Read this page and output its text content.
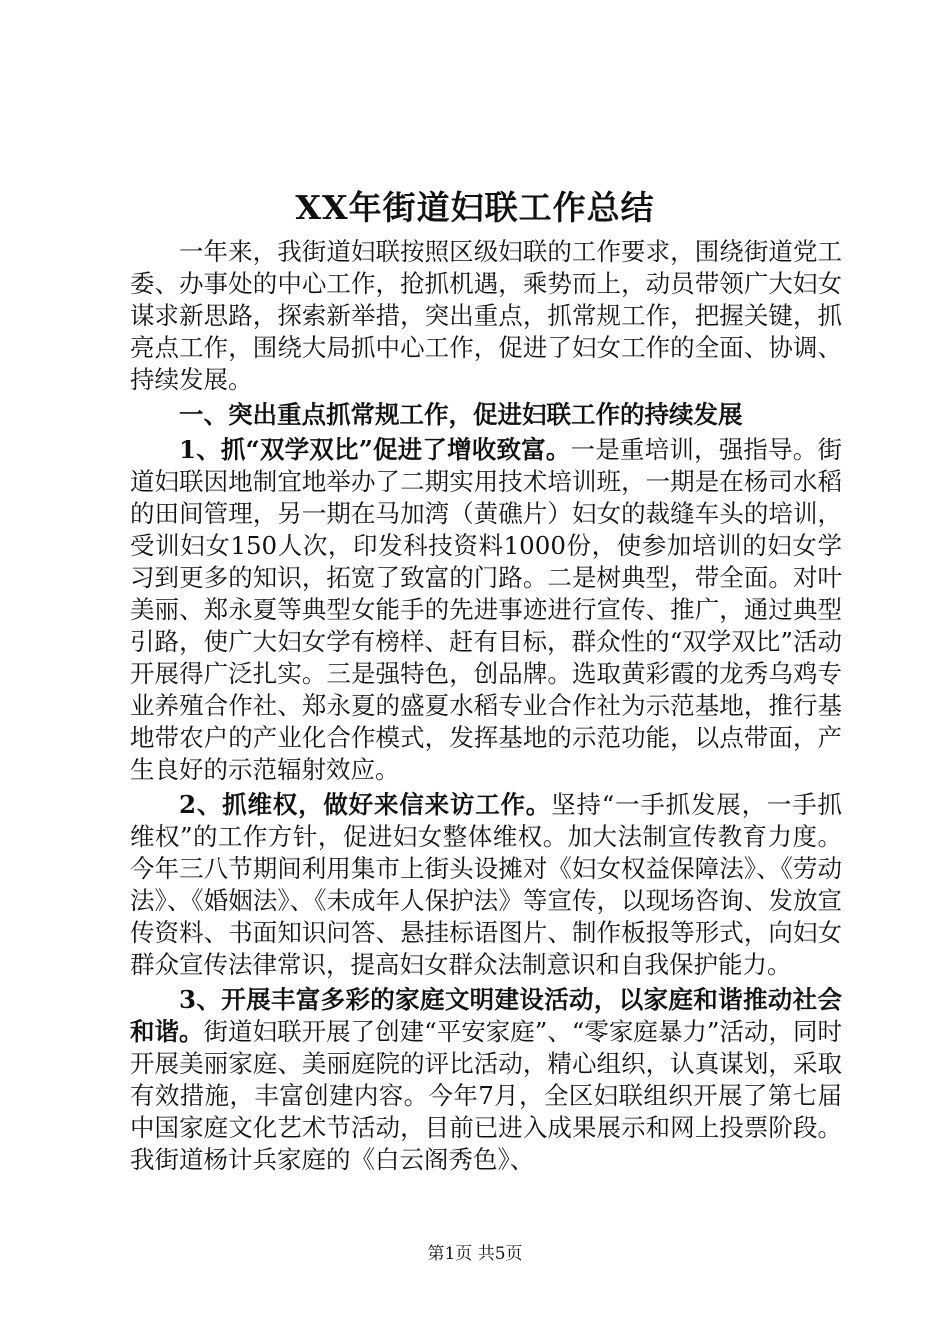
XX年街道妇联工作总结

一年来，我街道妇联按照区级妇联的工作要求，围绕街道党工委、办事处的中心工作，抢抓机遇，乘势而上，动员带领广大妇女谋求新思路，探索新举措，突出重点，抓常规工作，把握关键，抓亮点工作，围绕大局抓中心工作，促进了妇女工作的全面、协调、持续发展。

一、突出重点抓常规工作，促进妇联工作的持续发展

1、抓“双学双比”促进了增收致富。一是重培训，强指导。街道妇联因地制宜地举办了二期实用技术培训班，一期是在杨司水稻的田间管理，另一期在马加湾（黄礁片）妇女的裁缝车头的培训，受训妇女150人次，印发科技资料1000份，使参加培训的妇女学习到更多的知识，拓宽了致富的门路。二是树典型，带全面。对叶美丽、郑永夏等典型女能手的先进事迹进行宣传、推广，通过典型引路，使广大妇女学有榜样、赶有目标，群众性的“双学双比”活动开展得广泛扎实。三是强特色，创品牌。选取黄彩霞的龙秀乌鸡专业养殖合作社、郑永夏的盛夏水稻专业合作社为示范基地，推行基地带农户的产业化合作模式，发挥基地的示范功能，以点带面，产生良好的示范辐射效应。

2、抓维权，做好来信来访工作。坚持“一手抓发展，一手抓维权”的工作方针，促进妇女整体维权。加大法制宣传教育力度。今年三八节期间利用集市上街头设摊对《妇女权益保障法》、《劳动法》、《婚姻法》、《未成年人保护法》等宣传，以现场咨询、发放宣传资料、书面知识问答、悬挂标语图片、制作板报等形式，向妇女群众宣传法律常识，提高妇女群众法制意识和自我保护能力。

3、开展丰富多彩的家庭文明建设活动，以家庭和谐推动社会和谐。街道妇联开展了创建“平安家庭”、“零家庭暴力”活动，同时开展美丽家庭、美丽庭院的评比活动，精心组织，认真谋划，采取有效措施，丰富创建内容。今年7月，全区妇联组织开展了第七届中国家庭文化艺术节活动，目前已进入成果展示和网上投票阶段。我街道杨计兵家庭的《白云阁秀色》、

第1页 共5页
